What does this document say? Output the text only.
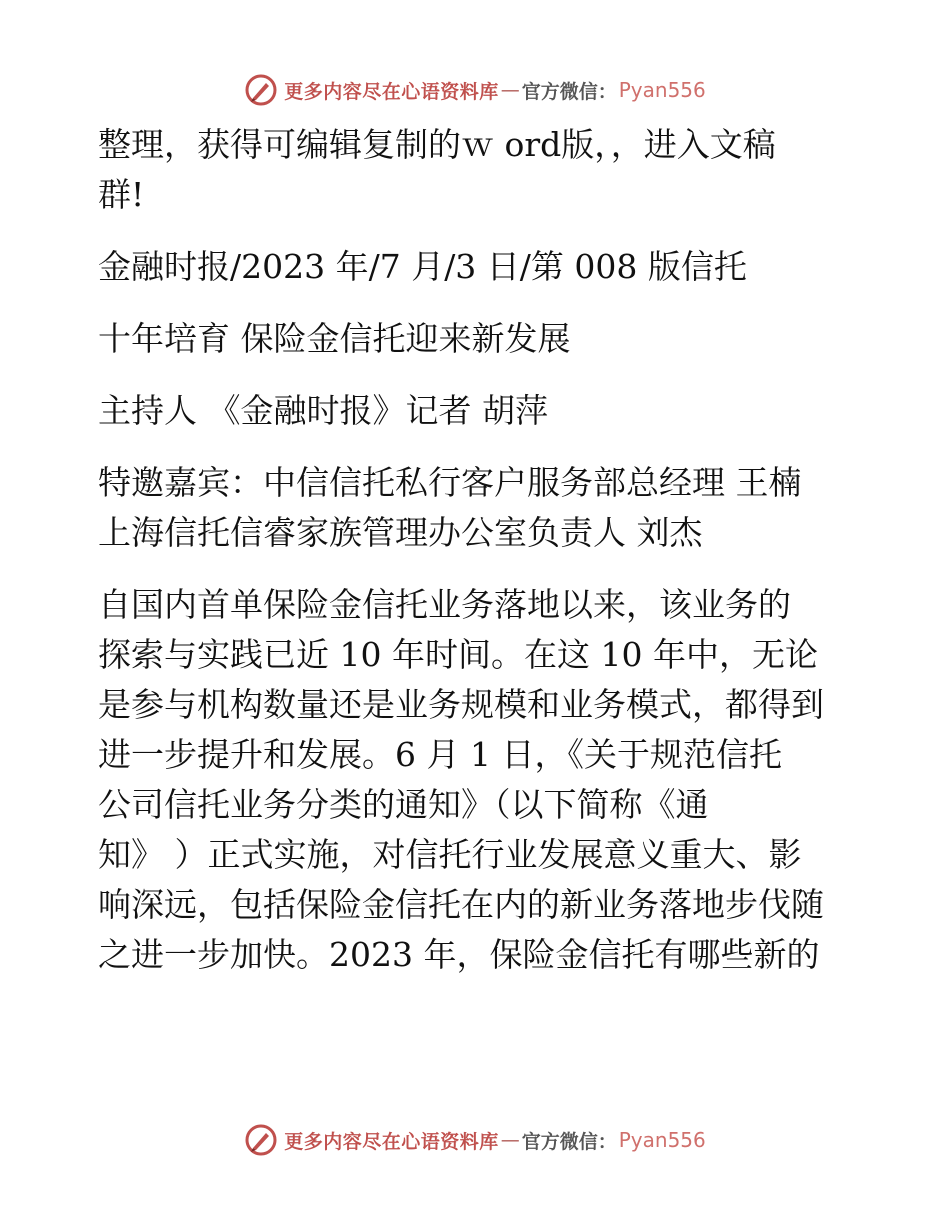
更多内容尽在心语资料库 — 官方微信： Pyan556

整理，获得可编辑复制的ｗ ord版，，进入文稿
群!

金融时报/2023 年/7 月/3 日/第 008 版信托

十年培育 保险金信托迎来新发展

主持人 《金融时报》记者 胡萍

特邀嘉宾：中信信托私行客户服务部总经理 王楠
上海信托信睿家族管理办公室负责人 刘杰

自国内首单保险金信托业务落地以来，该业务的
探索与实践已近 10 年时间。在这 10 年中，无论
是参与机构数量还是业务规模和业务模式，都得到
进一步提升和发展。6 月 1 日，《关于规范信托
公司信托业务分类的通知》（以下简称《通
知》 ）正式实施，对信托行业发展意义重大、影
响深远，包括保险金信托在内的新业务落地步伐随
之进一步加快。2023 年，保险金信托有哪些新的

更多内容尽在心语资料库 — 官方微信： Pyan556
